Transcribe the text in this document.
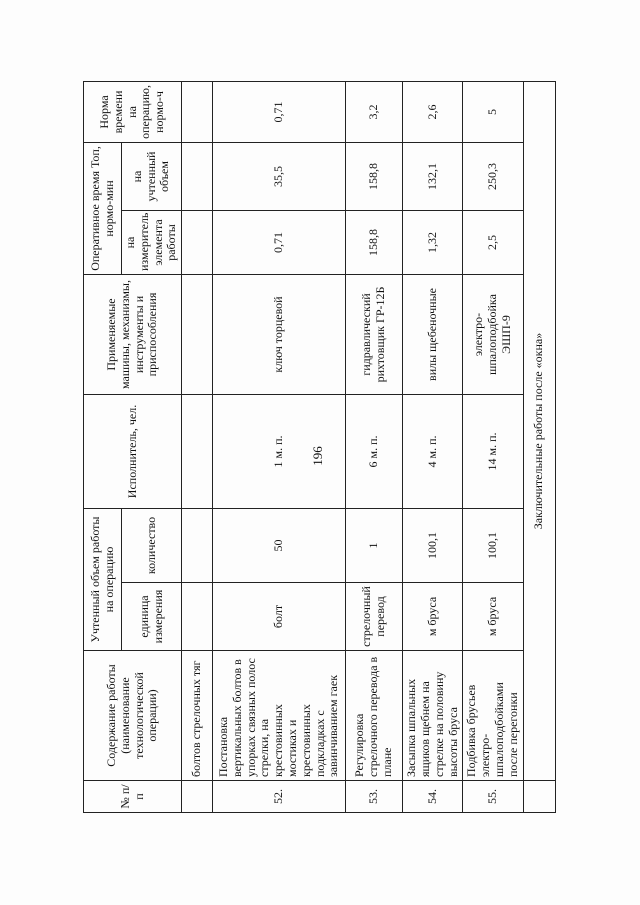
196
№ п/п	Содержание работы (наименование технологической операции)	Учтенный объем работы на операцию		Исполнитель, чел.	Применяемые машины, механизмы, инструменты и приспособления	Оперативное время Топ, нормо-мин		Норма времени на операцию, нормо-ч
		единица измерения	количество			на измеритель элемента работы	на учтенный объем	
	болтов стрелочных тяг							
52.	Постановка вертикальных болтов в упорках связных полос стрелки, на крестовинных мостиках и крестовинных подкладках с завинчиванием гаек	болт	50	1 м. п.	ключ торцевой	0,71	35,5	0,71
53.	Регулировка стрелочного перевода в плане	стрелочный перевод	1	6 м. п.	гидравлический рихтовщик ГР-12Б	158,8	158,8	3,2
54.	Засыпка шпальных ящиков щебнем на стрелке на половину высоты бруса	м бруса	100,1	4 м. п.	вилы щебеночные	1,32	132,1	2,6
55.	Подбивка брусьев электро-шпалоподбойками после перегонки	м бруса	100,1	14 м. п.	электро-шпалоподбойка ЭШП-9	2,5	250,3	5
	Заключительные работы после «окна»							
